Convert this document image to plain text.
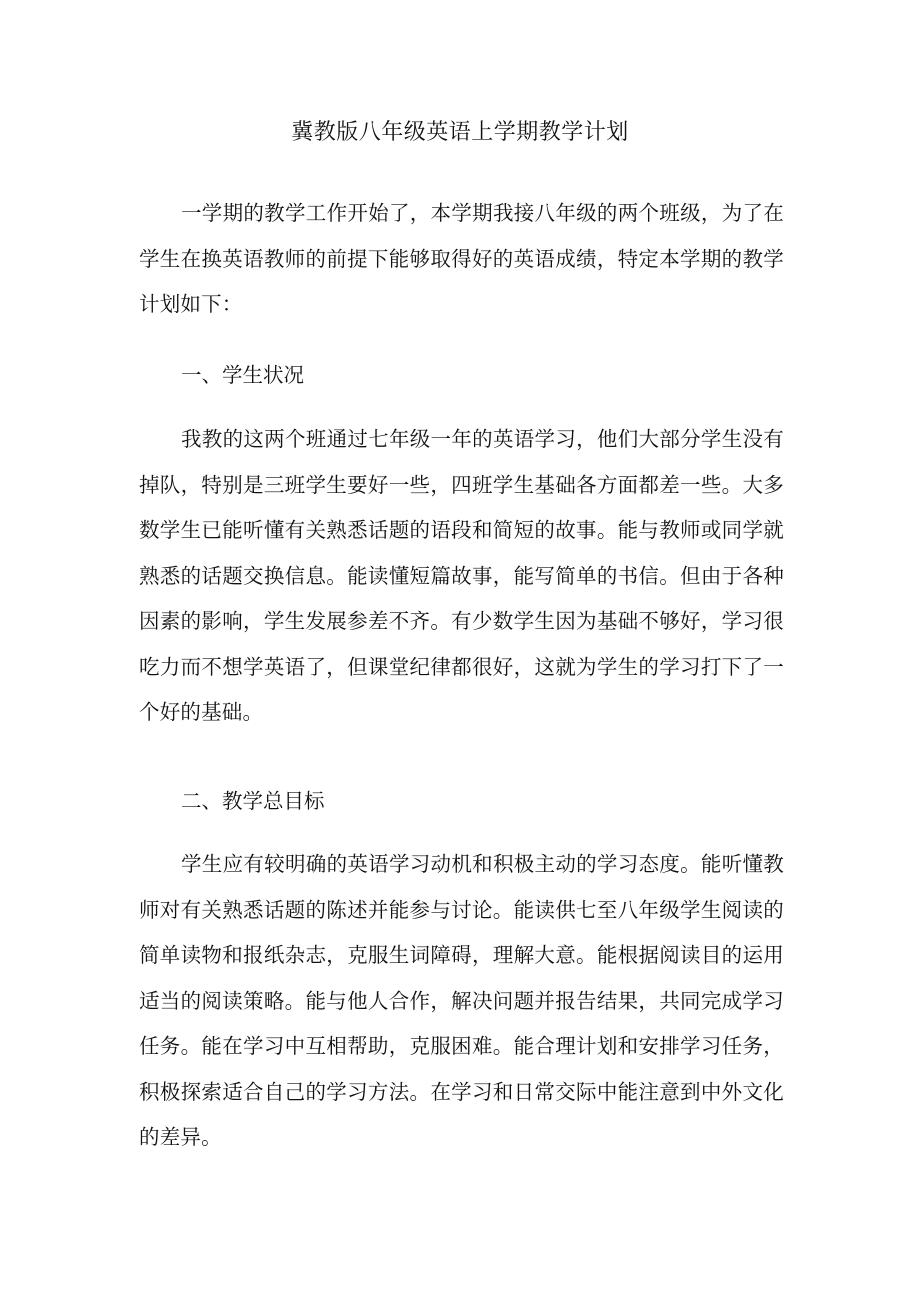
冀教版八年级英语上学期教学计划

一学期的教学工作开始了，本学期我接八年级的两个班级，为了在学生在换英语教师的前提下能够取得好的英语成绩，特定本学期的教学计划如下：

一、学生状况

我教的这两个班通过七年级一年的英语学习，他们大部分学生没有掉队，特别是三班学生要好一些，四班学生基础各方面都差一些。大多数学生已能听懂有关熟悉话题的语段和简短的故事。能与教师或同学就熟悉的话题交换信息。能读懂短篇故事，能写简单的书信。但由于各种因素的影响，学生发展参差不齐。有少数学生因为基础不够好，学习很吃力而不想学英语了，但课堂纪律都很好，这就为学生的学习打下了一个好的基础。

二、教学总目标

学生应有较明确的英语学习动机和积极主动的学习态度。能听懂教师对有关熟悉话题的陈述并能参与讨论。能读供七至八年级学生阅读的简单读物和报纸杂志，克服生词障碍，理解大意。能根据阅读目的运用适当的阅读策略。能与他人合作，解决问题并报告结果，共同完成学习任务。能在学习中互相帮助，克服困难。能合理计划和安排学习任务，积极探索适合自己的学习方法。在学习和日常交际中能注意到中外文化的差异。
